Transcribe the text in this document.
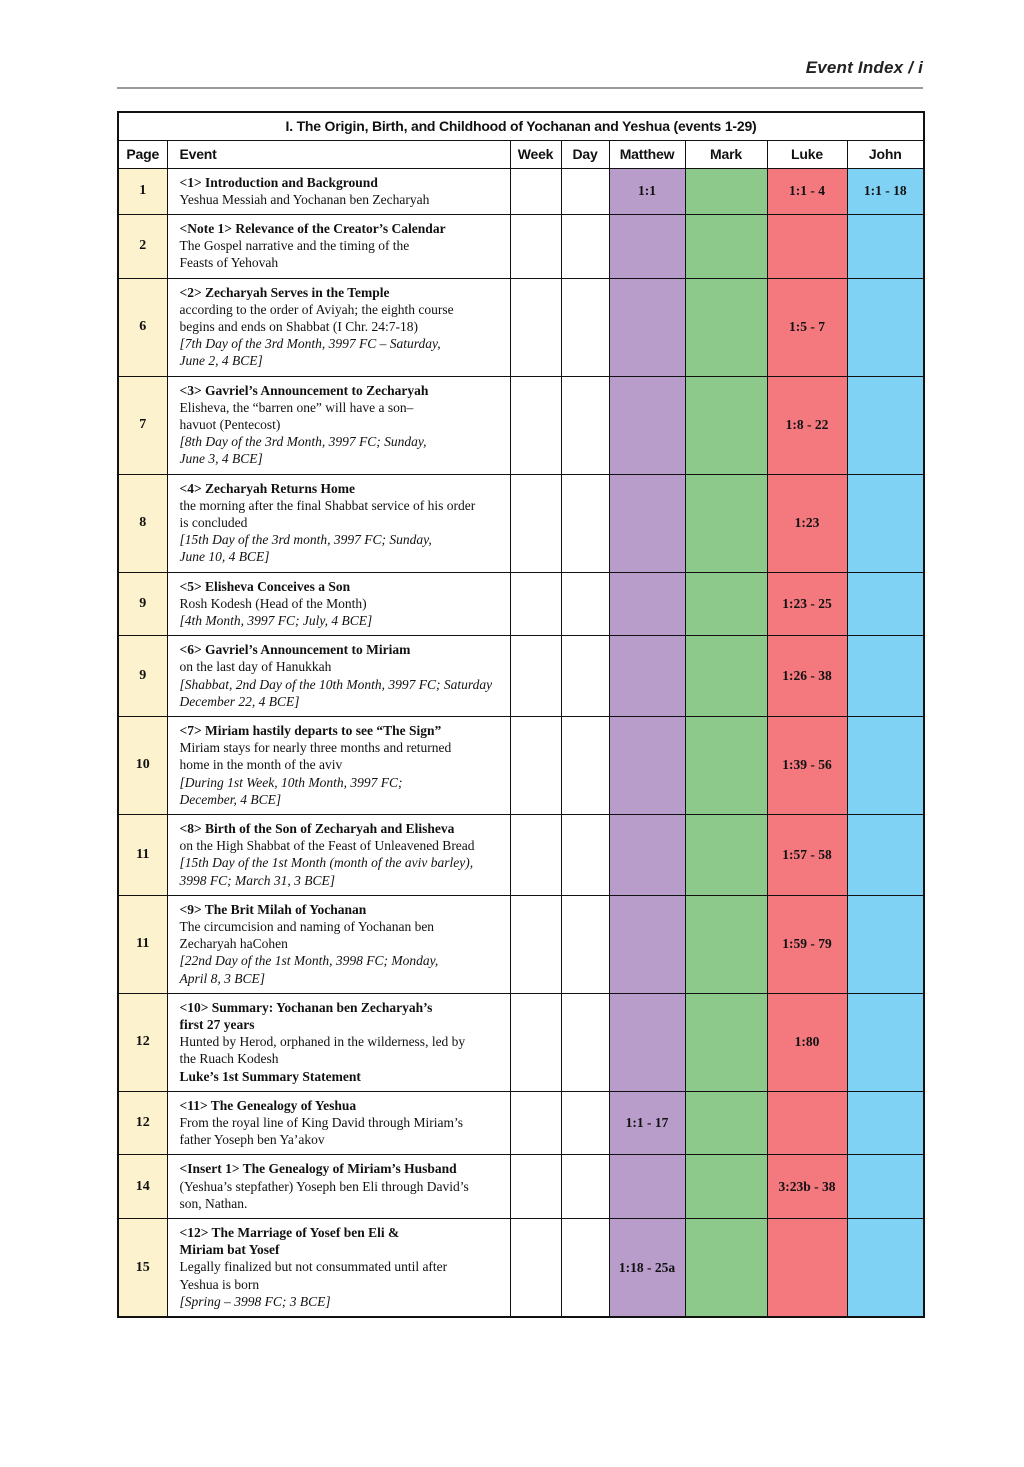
Event Index / i
I. The Origin, Birth, and Childhood of Yochanan and Yeshua (events 1-29)							
Page	Event	Week	Day	Matthew	Mark	Luke	John
1	<1> Introduction and Background
Yeshua Messiah and Yochanan ben Zecharyah			1:1		1:1 - 4	1:1 - 18
2	<Note 1> Relevance of the Creator’s Calendar
The Gospel narrative and the timing of the
Feasts of Yehovah						

6	<2> Zecharyah Serves in the Temple
according to the order of Aviyah; the eighth course
begins and ends on Shabbat (I Chr. 24:7-18)
[7th Day of the 3rd Month, 3997 FC – Saturday,
June 2, 4 BCE]					1:5 - 7	
7	<3> Gavriel’s Announcement to Zecharyah
Elisheva, the “barren one” will have a son–
havuot (Pentecost)
[8th Day of the 3rd Month, 3997 FC; Sunday,
June 3, 4 BCE]					1:8 - 22	
8	<4> Zecharyah Returns Home
the morning after the final Shabbat service of his order
is concluded
[15th Day of the 3rd month, 3997 FC; Sunday,
June 10, 4 BCE]					1:23	
9	<5> Elisheva Conceives a Son
Rosh Kodesh (Head of the Month)
[4th Month, 3997 FC; July, 4 BCE]					1:23 - 25	
9	<6> Gavriel’s Announcement to Miriam
on the last day of Hanukkah
[Shabbat, 2nd Day of the 10th Month, 3997 FC; Saturday
December 22, 4 BCE]					1:26 - 38	
10	<7> Miriam hastily departs to see “The Sign”
Miriam stays for nearly three months and returned
home in the month of the aviv
[During 1st Week, 10th Month, 3997 FC;
December, 4 BCE]					1:39 - 56	
11	<8> Birth of the Son of Zecharyah and Elisheva
on the High Shabbat of the Feast of Unleavened Bread
[15th Day of the 1st Month (month of the aviv barley),
3998 FC; March 31, 3 BCE]					1:57 - 58	
11	<9> The Brit Milah of Yochanan
The circumcision and naming of Yochanan ben
Zecharyah haCohen
[22nd Day of the 1st Month, 3998 FC; Monday,
April 8, 3 BCE]					1:59 - 79	
12	<10> Summary: Yochanan ben Zecharyah’s
first 27 years
Hunted by Herod, orphaned in the wilderness, led by
the Ruach Kodesh
Luke’s 1st Summary Statement					1:80	
12	<11> The Genealogy of Yeshua
From the royal line of King David through Miriam’s
father Yoseph ben Ya’akov			1:1 - 17			
14	<Insert 1> The Genealogy of Miriam’s Husband
(Yeshua’s stepfather) Yoseph ben Eli through David’s
son, Nathan.					3:23b - 38	
15	<12> The Marriage of Yosef ben Eli &
Miriam bat Yosef
Legally finalized but not consummated until after
Yeshua is born
[Spring – 3998 FC; 3 BCE]			1:18 - 25a			
